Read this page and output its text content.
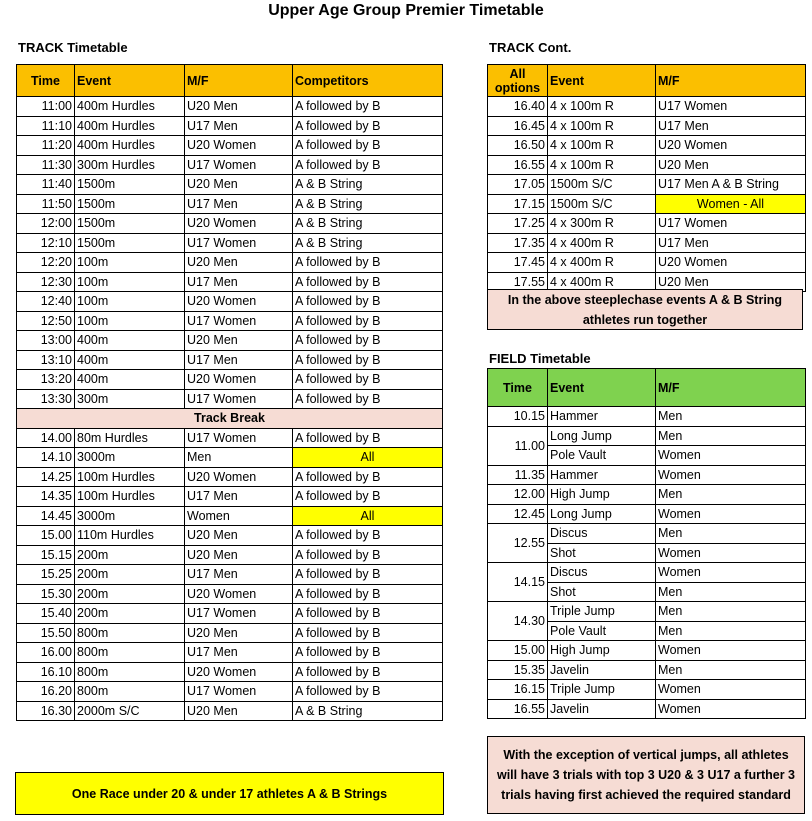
Upper Age Group Premier Timetable
TRACK Timetable
Time	Event	M/F	Competitors
11:00	400m Hurdles	U20 Men	A followed by B
11:10	400m Hurdles	U17 Men	A followed by B
11:20	400m Hurdles	U20 Women	A followed by B
11:30	300m Hurdles	U17 Women	A followed by B
11:40	1500m	U20 Men	A & B String
11:50	1500m	U17 Men	A & B String
12:00	1500m	U20 Women	A & B String
12:10	1500m	U17 Women	A & B String
12:20	100m	U20 Men	A followed by B
12:30	100m	U17 Men	A followed by B
12:40	100m	U20 Women	A followed by B
12:50	100m	U17 Women	A followed by B
13:00	400m	U20 Men	A followed by B
13:10	400m	U17 Men	A followed by B
13:20	400m	U20 Women	A followed by B
13:30	300m	U17 Women	A followed by B
Track Break			
14.00	80m Hurdles	U17 Women	A followed by B
14.10	3000m	Men	All
14.25	100m Hurdles	U20 Women	A followed by B
14.35	100m Hurdles	U17 Men	A followed by B
14.45	3000m	Women	All
15.00	110m Hurdles	U20 Men	A followed by B
15.15	200m	U20 Men	A followed by B
15.25	200m	U17 Men	A followed by B
15.30	200m	U20 Women	A followed by B
15.40	200m	U17 Women	A followed by B
15.50	800m	U20 Men	A followed by B
16.00	800m	U17 Men	A followed by B
16.10	800m	U20 Women	A followed by B
16.20	800m	U17 Women	A followed by B
16.30	2000m S/C	U20 Men	A & B String
TRACK Cont.
All options	Event	M/F
16.40	4 x 100m R	U17 Women
16.45	4 x 100m R	U17 Men
16.50	4 x 100m R	U20 Women
16.55	4 x 100m R	U20 Men
17.05	1500m S/C	U17 Men A & B String
17.15	1500m S/C	Women - All
17.25	4 x 300m R	U17 Women
17.35	4 x 400m R	U17 Men
17.45	4 x 400m R	U20 Women
17.55	4 x 400m R	U20 Men
In the above steeplechase events A & B String athletes run together
FIELD Timetable
Time	Event	M/F
10.15	Hammer	Men
11.00	Long Jump	Men
	Pole Vault	Women
11.35	Hammer	Women
12.00	High Jump	Men
12.45	Long Jump	Women
12.55	Discus	Men
	Shot	Women
14.15	Discus	Women
	Shot	Men
14.30	Triple Jump	Men
	Pole Vault	Men
15.00	High Jump	Women
15.35	Javelin	Men
16.15	Triple Jump	Women
16.55	Javelin	Women
With the exception of vertical jumps, all athletes will have 3 trials with top 3 U20 & 3 U17 a further 3 trials having first achieved the required standard
One Race under 20 & under 17 athletes A & B Strings
